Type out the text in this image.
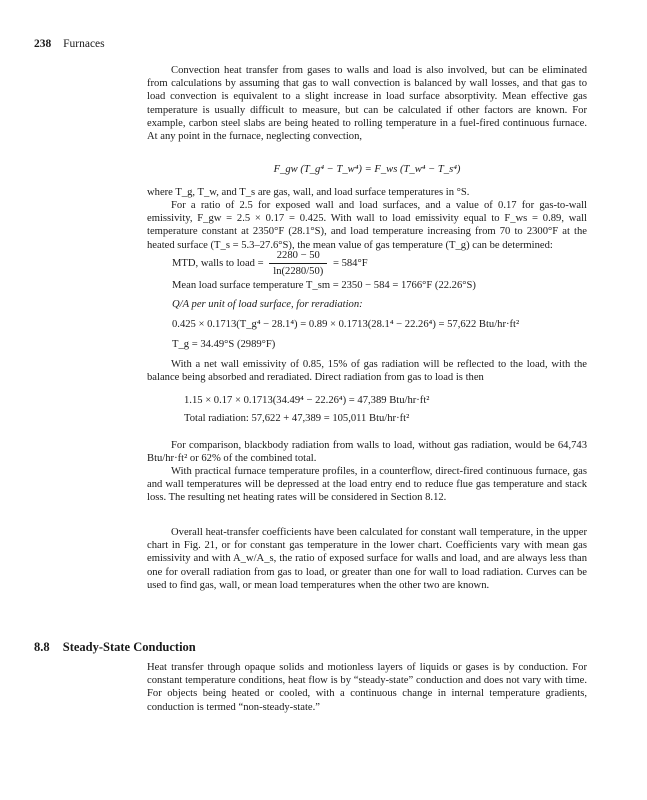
238 Furnaces

Convection heat transfer from gases to walls and load is also involved, but can be eliminated from calculations by assuming that gas to wall convection is balanced by wall losses, and that gas to load convection is equivalent to a slight increase in load surface absorptivity. Mean effective gas temperature is usually difficult to measure, but can be calculated if other factors are known. For example, carbon steel slabs are being heated to rolling temperature in a fuel-fired continuous furnace. At any point in the furnace, neglecting convection,

F_gw (T_g⁴ − T_w⁴) = F_ws (T_w⁴ − T_s⁴)

where T_g, T_w, and T_s are gas, wall, and load surface temperatures in °S.

For a ratio of 2.5 for exposed wall and load surfaces, and a value of 0.17 for gas-to-wall emissivity, F_gw = 2.5 × 0.17 = 0.425. With wall to load emissivity equal to F_ws = 0.89, wall temperature constant at 2350°F (28.1°S), and load temperature increasing from 70 to 2300°F at the heated surface (T_s = 5.3–27.6°S), the mean value of gas temperature (T_g) can be determined:

MTD, walls to load = $\frac{2280 - 50}{\ln(2280/50)} = 584^\circ F$
Mean load surface temperature T_sm = 2350 − 584 = 1766°F (22.26°S)
Q/A per unit of load surface, for reradiation:
0.425 × 0.1713(T_g⁴ − 28.1⁴) = 0.89 × 0.1713(28.1⁴ − 22.26⁴) = 57,622 Btu/hr·ft²
T_g = 34.49°S (2989°F)

With a net wall emissivity of 0.85, 15% of gas radiation will be reflected to the load, with the balance being absorbed and reradiated. Direct radiation from gas to load is then

1.15 × 0.17 × 0.1713(34.49⁴ − 22.26⁴) = 47,389 Btu/hr·ft²
Total radiation: 57,622 + 47,389 = 105,011 Btu/hr·ft²

For comparison, blackbody radiation from walls to load, without gas radiation, would be 64,743 Btu/hr·ft² or 62% of the combined total.

With practical furnace temperature profiles, in a counterflow, direct-fired continuous furnace, gas and wall temperatures will be depressed at the load entry end to reduce flue gas temperature and stack loss. The resulting net heating rates will be considered in Section 8.12.

Overall heat-transfer coefficients have been calculated for constant wall temperature, in the upper chart in Fig. 21, or for constant gas temperature in the lower chart. Coefficients vary with mean gas emissivity and with A_w/A_s, the ratio of exposed surface for walls and load, and are always less than one for overall radiation from gas to load, or greater than one for wall to load radiation. Curves can be used to find gas, wall, or mean load temperatures when the other two are known.

8.8 Steady-State Conduction

Heat transfer through opaque solids and motionless layers of liquids or gases is by conduction. For constant temperature conditions, heat flow is by “steady-state” conduction and does not vary with time. For objects being heated or cooled, with a continuous change in internal temperature gradients, conduction is termed “non-steady-state.”
